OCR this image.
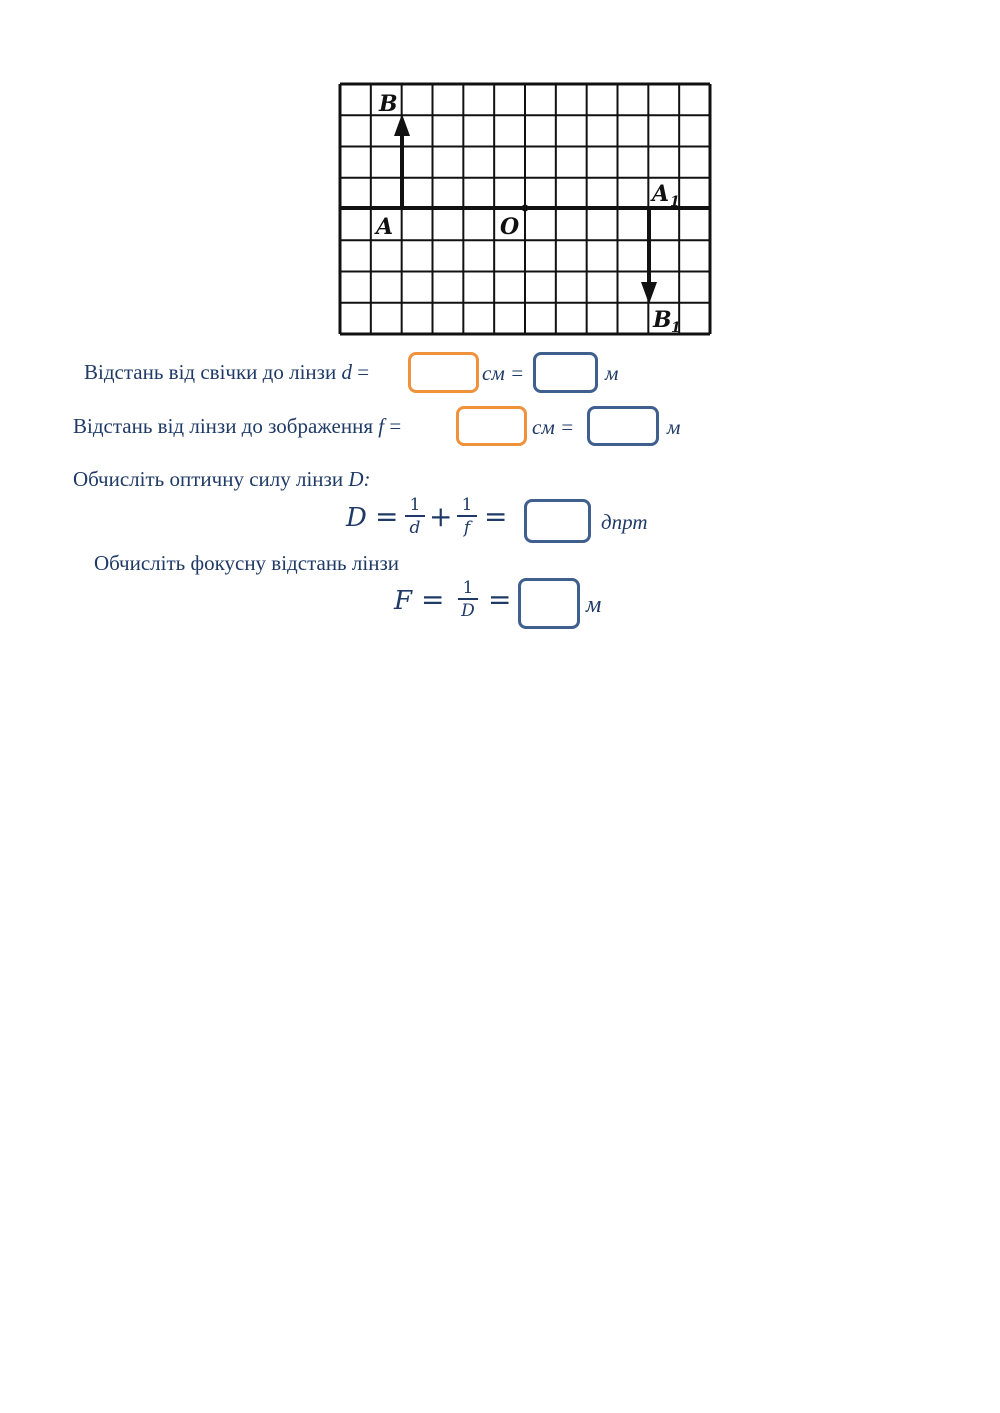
B
A	O
A 1
B 1
Відстань від свічки до лінзи d =	см =	м
Відстань від лінзи до зображення f =	см =	м
Обчисліть оптичну силу лінзи D:
D = 1
d + 1
f =	дпрт
Обчисліть фокусну відстань лінзи
F = 1
D =	м
